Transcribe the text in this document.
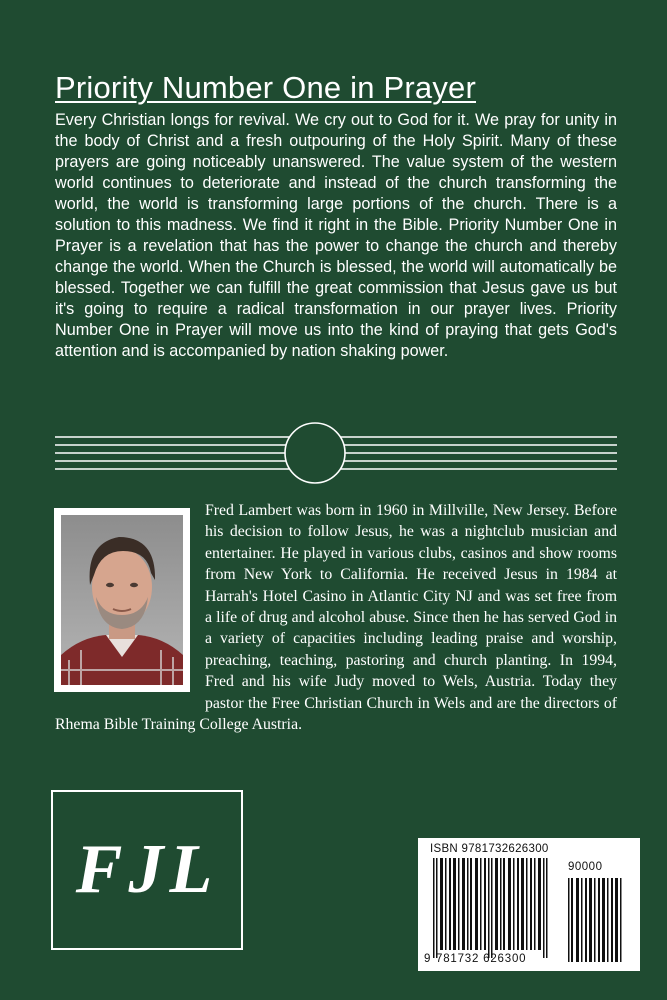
Priority Number One in Prayer

Every Christian longs for revival. We cry out to God for it. We pray for unity in the body of Christ and a fresh outpouring of the Holy Spirit. Many of these prayers are going noticeably unanswered. The value system of the western world continues to deteriorate and instead of the church transforming the world, the world is transforming large portions of the church. There is a solution to this madness. We find it right in the Bible. Priority Number One in Prayer is a revelation that has the power to change the church and thereby change the world. When the Church is blessed, the world will automatically be blessed. Together we can fulfill the great commission that Jesus gave us but it's going to require a radical transformation in our prayer lives. Priority Number One in Prayer will move us into the kind of praying that gets God's attention and is accompanied by nation shaking power.

Fred Lambert was born in 1960 in Millville, New Jersey. Before his decision to follow Jesus, he was a nightclub musician and entertainer. He played in various clubs, casinos and show rooms from New York to California. He received Jesus in 1984 at Harrah's Hotel Casino in Atlantic City NJ and was set free from a life of drug and alcohol abuse. Since then he has served God in a variety of capacities including leading praise and worship, preaching, teaching, pastoring and church planting. In 1994, Fred and his wife Judy moved to Wels, Austria. Today they pastor the Free Christian Church in Wels and are the directors of Rhema Bible Training College Austria.

FJL	ISBN 9781732626300
90000
9 781732 626300
